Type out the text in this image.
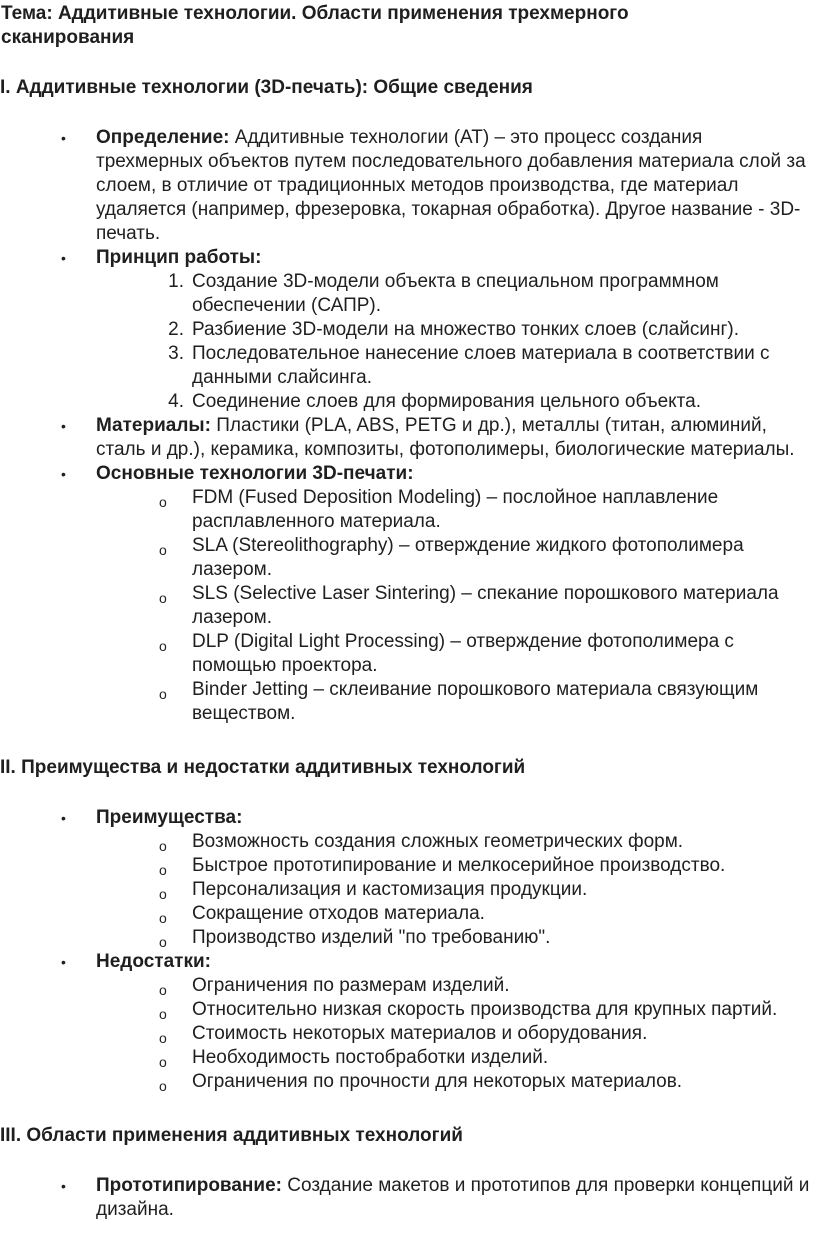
Тема: Аддитивные технологии. Области применения трехмерного
сканирования
I. Аддитивные технологии (3D-печать): Общие сведения
• Определение: Аддитивные технологии (АТ) – это процесс создания трехмерных объектов путем последовательного добавления материала слой за слоем, в отличие от традиционных методов производства, где материал удаляется (например, фрезеровка, токарная обработка). Другое название - 3D-печать.
• Принцип работы:
1. Создание 3D-модели объекта в специальном программном обеспечении (САПР).
2. Разбиение 3D-модели на множество тонких слоев (слайсинг).
3. Последовательное нанесение слоев материала в соответствии с данными слайсинга.
4. Соединение слоев для формирования цельного объекта.
• Материалы: Пластики (PLA, ABS, PETG и др.), металлы (титан, алюминий, сталь и др.), керамика, композиты, фотополимеры, биологические материалы.
• Основные технологии 3D-печати:
o FDM (Fused Deposition Modeling) – послойное наплавление расплавленного материала.
o SLA (Stereolithography) – отверждение жидкого фотополимера лазером.
o SLS (Selective Laser Sintering) – спекание порошкового материала лазером.
o DLP (Digital Light Processing) – отверждение фотополимера с помощью проектора.
o Binder Jetting – склеивание порошкового материала связующим веществом.
II. Преимущества и недостатки аддитивных технологий
• Преимущества:
o Возможность создания сложных геометрических форм.
o Быстрое прототипирование и мелкосерийное производство.
o Персонализация и кастомизация продукции.
o Сокращение отходов материала.
o Производство изделий "по требованию".
• Недостатки:
o Ограничения по размерам изделий.
o Относительно низкая скорость производства для крупных партий.
o Стоимость некоторых материалов и оборудования.
o Необходимость постобработки изделий.
o Ограничения по прочности для некоторых материалов.
III. Области применения аддитивных технологий
• Прототипирование: Создание макетов и прототипов для проверки концепций и дизайна.
